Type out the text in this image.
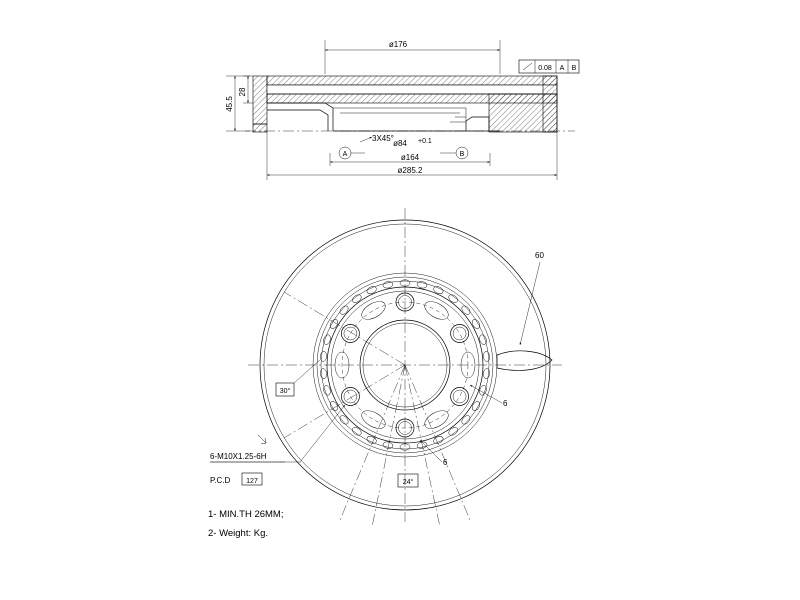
ø176
0.08 A B
45.5
28
3X45°
ø84 +0.1
A	B
ø164
ø285.2
60
6
6
30°
24°
6-M10X1.25-6H
P.C.D 127
1- MIN.TH 26MM;
2- Weight: Kg.
